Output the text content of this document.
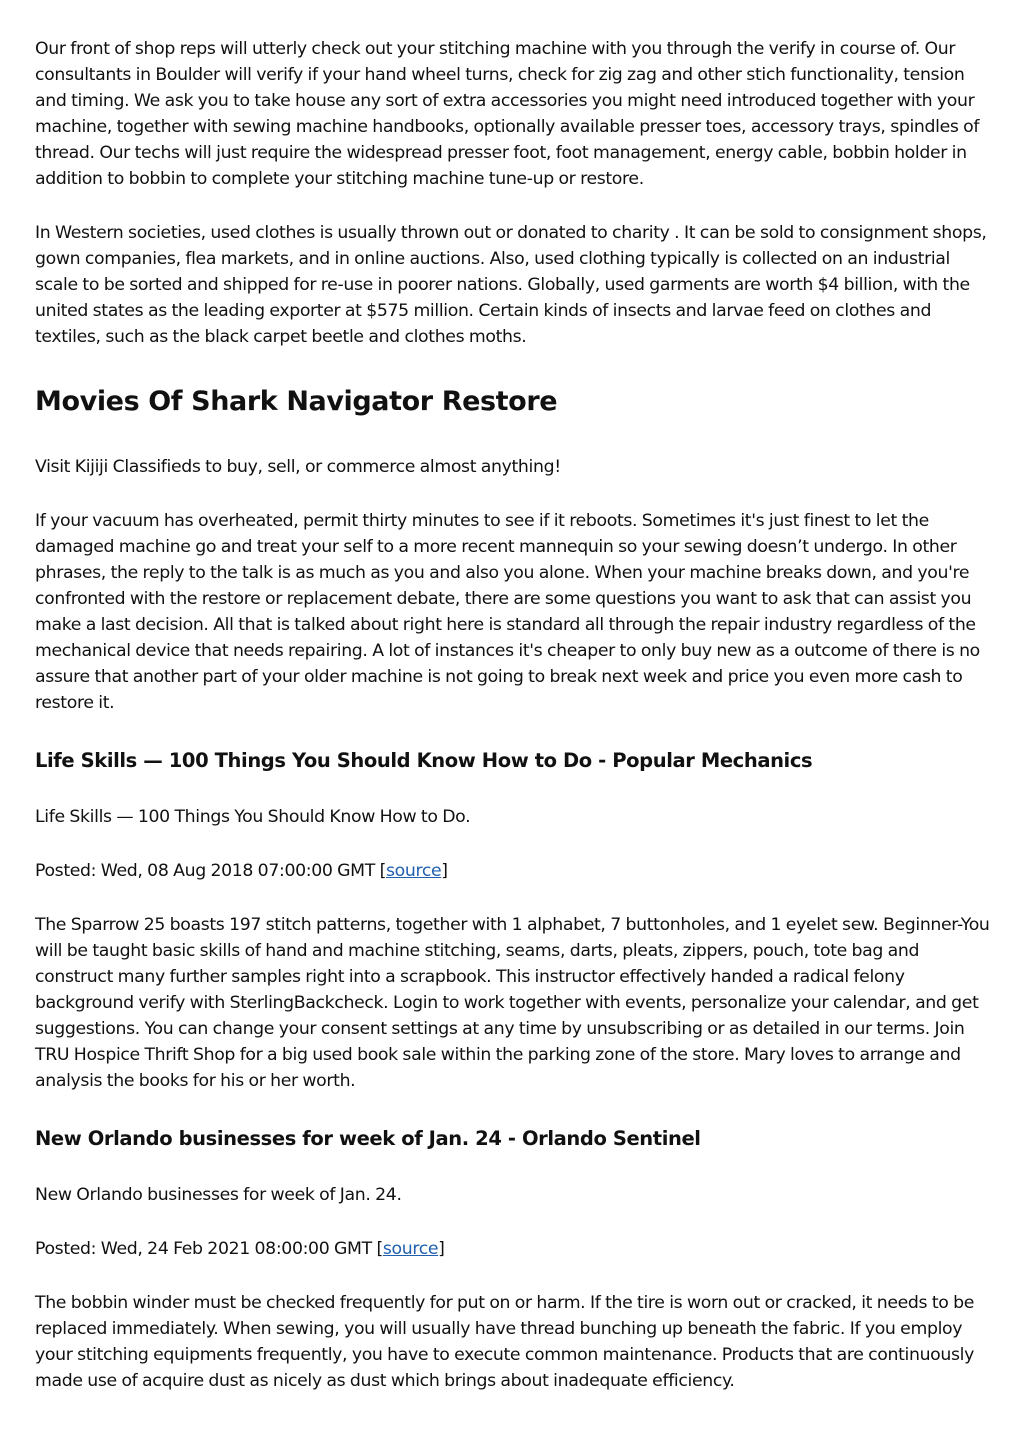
Our front of shop reps will utterly check out your stitching machine with you through the verify in course of. Our consultants in Boulder will verify if your hand wheel turns, check for zig zag and other stich functionality, tension and timing. We ask you to take house any sort of extra accessories you might need introduced together with your machine, together with sewing machine handbooks, optionally available presser toes, accessory trays, spindles of thread. Our techs will just require the widespread presser foot, foot management, energy cable, bobbin holder in addition to bobbin to complete your stitching machine tune-up or restore.

In Western societies, used clothes is usually thrown out or donated to charity . It can be sold to consignment shops, gown companies, flea markets, and in online auctions. Also, used clothing typically is collected on an industrial scale to be sorted and shipped for re-use in poorer nations. Globally, used garments are worth $4 billion, with the united states as the leading exporter at $575 million. Certain kinds of insects and larvae feed on clothes and textiles, such as the black carpet beetle and clothes moths.

Movies Of Shark Navigator Restore

Visit Kijiji Classifieds to buy, sell, or commerce almost anything!

If your vacuum has overheated, permit thirty minutes to see if it reboots. Sometimes it's just finest to let the damaged machine go and treat your self to a more recent mannequin so your sewing doesn’t undergo. In other phrases, the reply to the talk is as much as you and also you alone. When your machine breaks down, and you're confronted with the restore or replacement debate, there are some questions you want to ask that can assist you make a last decision. All that is talked about right here is standard all through the repair industry regardless of the mechanical device that needs repairing. A lot of instances it's cheaper to only buy new as a outcome of there is no assure that another part of your older machine is not going to break next week and price you even more cash to restore it.

Life Skills — 100 Things You Should Know How to Do - Popular Mechanics

Life Skills — 100 Things You Should Know How to Do.

Posted: Wed, 08 Aug 2018 07:00:00 GMT [source]

The Sparrow 25 boasts 197 stitch patterns, together with 1 alphabet, 7 buttonholes, and 1 eyelet sew. Beginner-You will be taught basic skills of hand and machine stitching, seams, darts, pleats, zippers, pouch, tote bag and construct many further samples right into a scrapbook. This instructor effectively handed a radical felony background verify with SterlingBackcheck. Login to work together with events, personalize your calendar, and get suggestions. You can change your consent settings at any time by unsubscribing or as detailed in our terms. Join TRU Hospice Thrift Shop for a big used book sale within the parking zone of the store. Mary loves to arrange and analysis the books for his or her worth.

New Orlando businesses for week of Jan. 24 - Orlando Sentinel

New Orlando businesses for week of Jan. 24.

Posted: Wed, 24 Feb 2021 08:00:00 GMT [source]

The bobbin winder must be checked frequently for put on or harm. If the tire is worn out or cracked, it needs to be replaced immediately. When sewing, you will usually have thread bunching up beneath the fabric. If you employ your stitching equipments frequently, you have to execute common maintenance. Products that are continuously made use of acquire dust as nicely as dust which brings about inadequate efficiency.
